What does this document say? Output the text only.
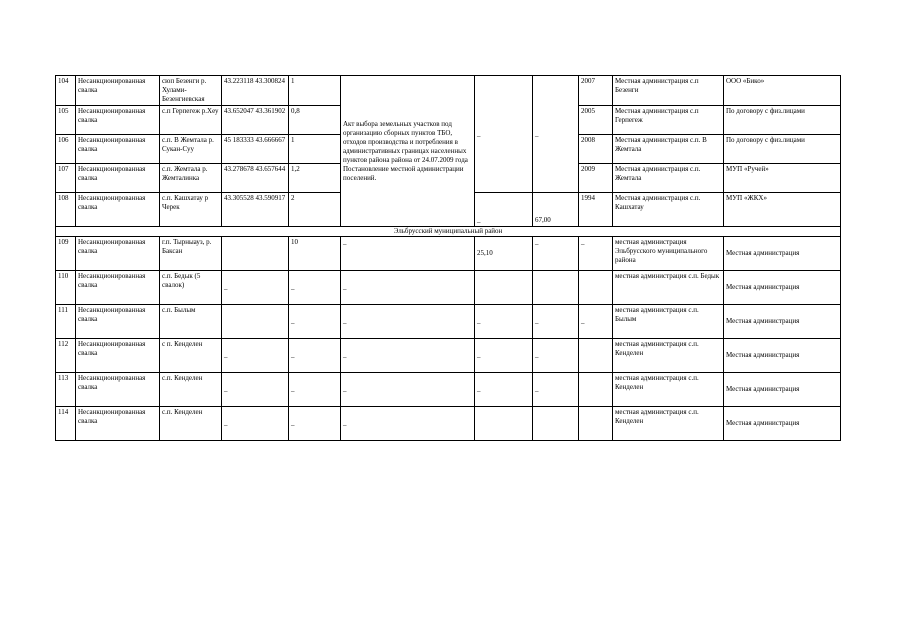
104	Несанкционированная свалка	сюп Безенги р. Хулами-Безенгиевская	43.223118 43.300824	1	Акт выбора земельных участков под организацию сборных пунктов ТБО, отходов производства и потребления в административных границах населенных пунктов района района от 24.07.2009 года Постановление местной администрации поселений.	_	_	2007	Местная администрация с.п Безенги	ООО «Бико»
105	Несанкционированная свалка	с.п Герпегеж р.Хеу	43.652047 43.361902	0,8				2005	Местная администрация с.п Герпегеж	По договору с физ.лицами
106	Несанкционированная свалка	с.п. В Жемтала р. Сукан-Суу	45 183333 43.666667	1				2008	Местная администрация с.п. В Жемтала	По договору с физ.лицами
107	Несанкционированная свалка	с.п. Жемтала р. Жемталинка	43.278678 43.657644	1,2				2009	Местная администрация с.п. Жемтала	МУП «Ручей»
108	Несанкционированная свалка	с.п. Кашхатау р Черек	43.305528 43.590917	2		_	67,00	1994	Местная администрация с.п. Кашхатау	МУП «ЖКХ»
Эльбрусский муниципальный район										
109	Несанкционированная свалка	г.п. Тырныауз, р. Баксан		10	_	25,10	_	_	местная администрация Эльбрусского муниципального района	Местная администрация
110	Несанкционированная свалка	с.п. Бедык (5 свалок)	_	_	_				местная администрация с.п. Бедык	Местная администрация
111	Несанкционированная свалка	с.п. Былым		_	_	_	_	_	местная администрация с.п. Былым	Местная администрация
112	Несанкционированная свалка	с п. Кенделен	_	_	_	_	_		местная администрация с.п. Кенделен	Местная администрация
113	Несанкционированная свалка	с.п. Кенделен	_	_	_	_	_		местная администрация с.п. Кенделен	Местная администрация
114	Несанкционированная свалка	с.п. Кенделен	_	_	_				местная администрация с.п. Кенделен	Местная администрация
